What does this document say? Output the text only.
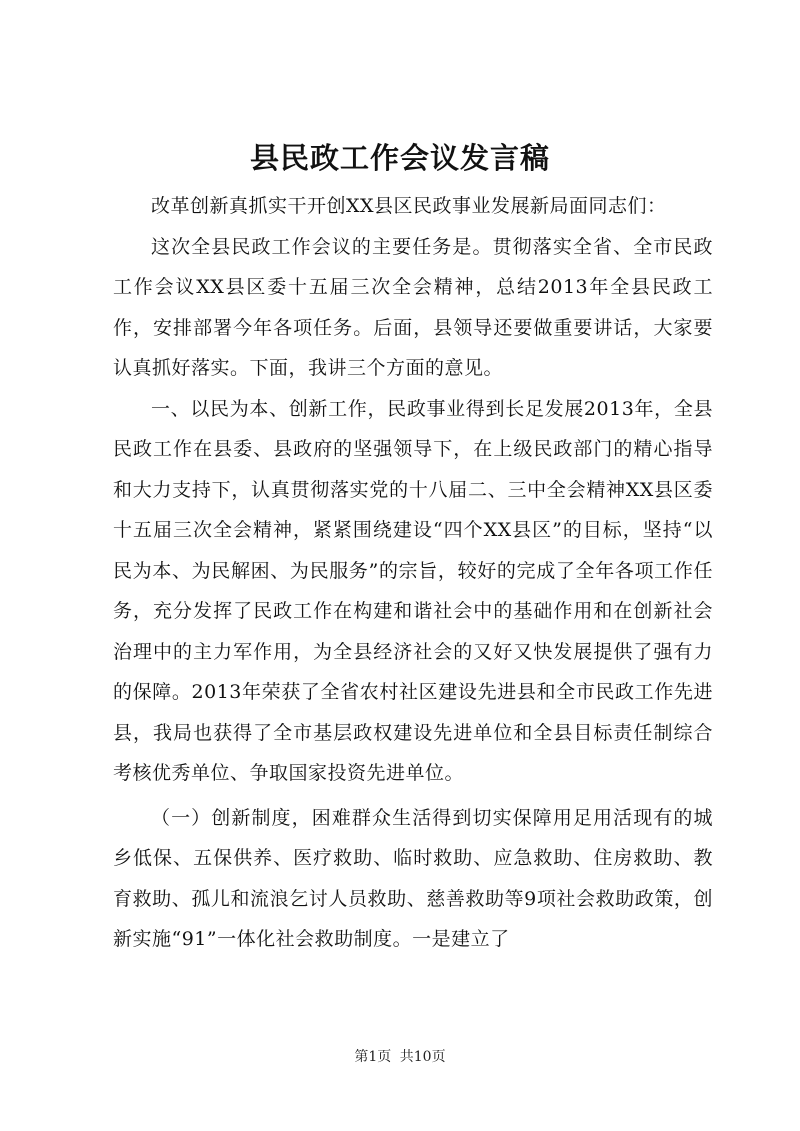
县民政工作会议发言稿

改革创新真抓实干开创XX县区民政事业发展新局面同志们：

这次全县民政工作会议的主要任务是。贯彻落实全省、全市民政工作会议XX县区委十五届三次全会精神，总结2013年全县民政工作，安排部署今年各项任务。后面，县领导还要做重要讲话，大家要认真抓好落实。下面，我讲三个方面的意见。

一、以民为本、创新工作，民政事业得到长足发展2013年，全县民政工作在县委、县政府的坚强领导下，在上级民政部门的精心指导和大力支持下，认真贯彻落实党的十八届二、三中全会精神XX县区委十五届三次全会精神，紧紧围绕建设“四个XX县区”的目标，坚持“以民为本、为民解困、为民服务”的宗旨，较好的完成了全年各项工作任务，充分发挥了民政工作在构建和谐社会中的基础作用和在创新社会治理中的主力军作用，为全县经济社会的又好又快发展提供了强有力的保障。2013年荣获了全省农村社区建设先进县和全市民政工作先进县，我局也获得了全市基层政权建设先进单位和全县目标责任制综合考核优秀单位、争取国家投资先进单位。

（一）创新制度，困难群众生活得到切实保障用足用活现有的城乡低保、五保供养、医疗救助、临时救助、应急救助、住房救助、教育救助、孤儿和流浪乞讨人员救助、慈善救助等9项社会救助政策，创新实施“91”一体化社会救助制度。一是建立了

第1页 共10页
